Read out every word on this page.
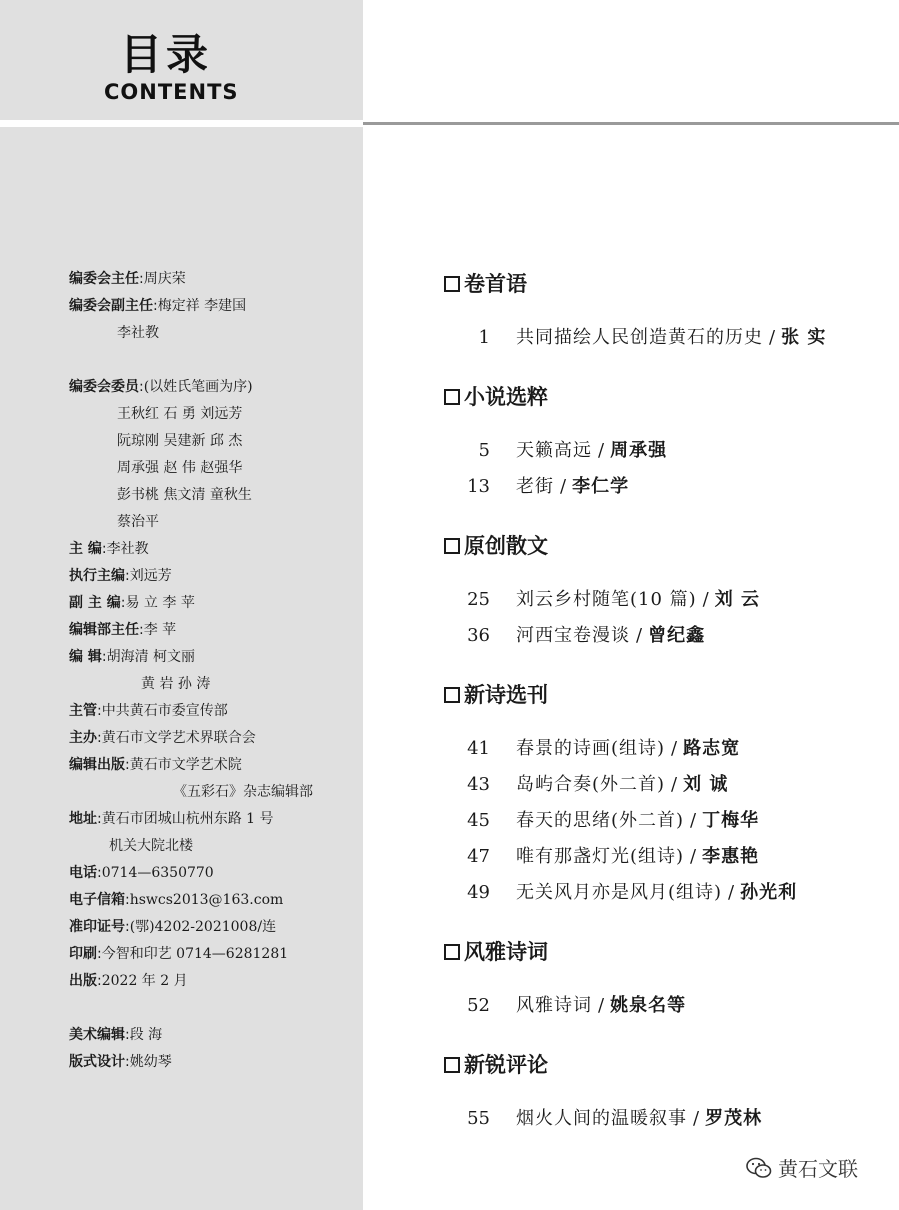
目录
CONTENTS
编委会主任 : 周庆荣
编委会副主任 : 梅定祥 李建国
李社教
编委会委员 : (以姓氏笔画为序)
王秋红 石 勇 刘远芳
阮琼刚 吴建新 邱 杰
周承强 赵 伟 赵强华
彭书桃 焦文清 童秋生
蔡治平
主 编 : 李社教
执行主编 : 刘远芳
副 主 编 : 易 立 李 苹
编辑部主任 : 李 苹
编 辑 : 胡海清 柯文丽
黄 岩 孙 涛
主管 : 中共黄石市委宣传部
主办 : 黄石市文学艺术界联合会
编辑出版 : 黄石市文学艺术院
《五彩石》杂志编辑部
地址 : 黄石市团城山杭州东路 1 号
机关大院北楼
电话 : 0714—6350770
电子信箱 : hswcs2013@163.com
准印证号 : (鄂)4202-2021008/连
印刷 : 今智和印艺 0714—6281281
出版 : 2022 年 2 月
美术编辑 : 段 海
版式设计 : 姚幼琴
卷首语
1 共同描绘人民创造黄石的历史 / 张 实
小说选粹
5 天籁高远 / 周承强
13 老街 / 李仁学
原创散文
25 刘云乡村随笔(10 篇) / 刘 云
36 河西宝卷漫谈 / 曾纪鑫
新诗选刊
41 春景的诗画(组诗) / 路志宽
43 岛屿合奏(外二首) / 刘 诚
45 春天的思绪(外二首) / 丁梅华
47 唯有那盏灯光(组诗) / 李惠艳
49 无关风月亦是风月(组诗) / 孙光利
风雅诗词
52 风雅诗词 / 姚泉名等
新锐评论
55 烟火人间的温暖叙事 / 罗茂林
黄石文联
